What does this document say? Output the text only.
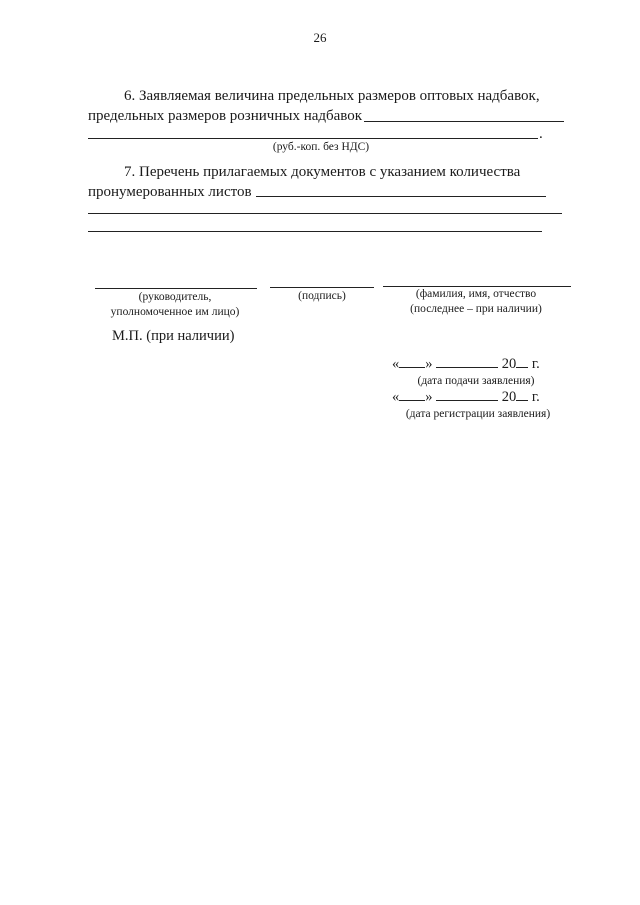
26
6. Заявляемая величина предельных размеров оптовых надбавок,
предельных размеров розничных надбавок
.
(руб.-коп. без НДС)
7. Перечень прилагаемых документов с указанием количества
пронумерованных листов
(руководитель,
уполномоченное им лицо)
(подпись)	(фамилия, имя, отчество
(последнее – при наличии)
М.П. (при наличии)
« »	20 г.
(дата подачи заявления)
« »	20 г.
(дата регистрации заявления)
